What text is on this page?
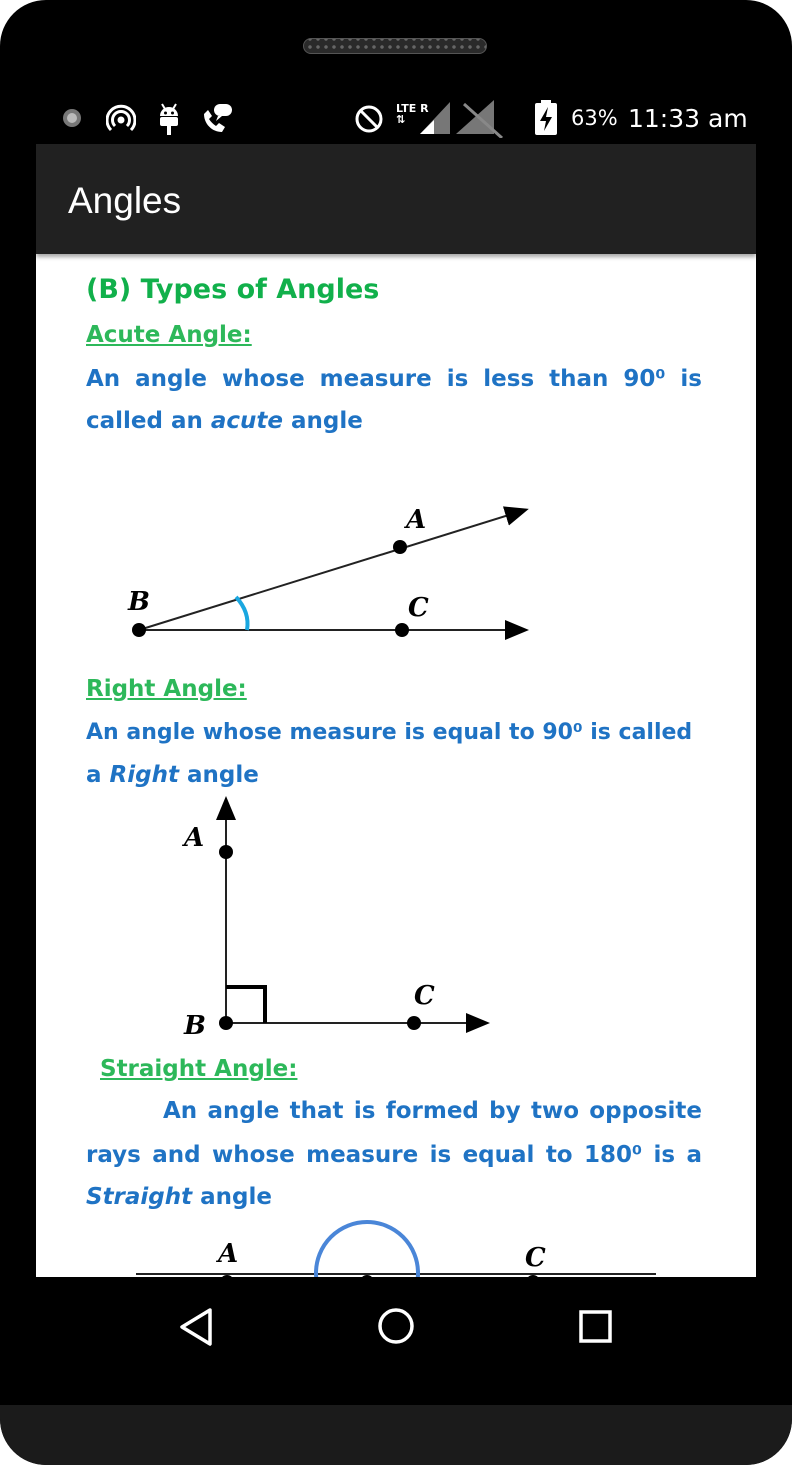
LTE R
⇅	63% 11:33 am
Angles
(B) Types of Angles
Acute Angle:
An angle whose measure is less than 90⁰ is
called an acute angle
A
B	C
Right Angle:
An angle whose measure is equal to 90⁰ is called
a Right angle
A
B
C
Straight Angle:
An angle that is formed by two opposite
rays and whose measure is equal to 180⁰ is a
Straight angle
A	C
